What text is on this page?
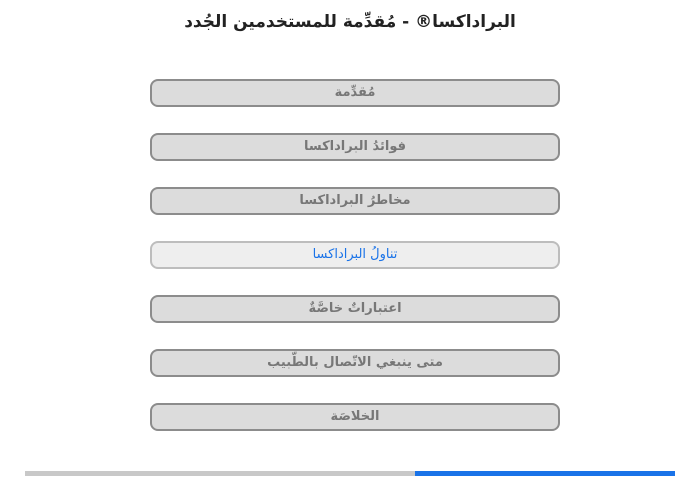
البراداكسا® - مُقدِّمة للمستخدمين الجُدد
مُقدِّمة
فوائدُ البراداكسا
مخاطرُ البراداكسا
تناولُ البراداكسا
اعتباراتٌ خاصَّةٌ
متى ينبغي الاتّصال بالطّبيب
الخلاصَة
